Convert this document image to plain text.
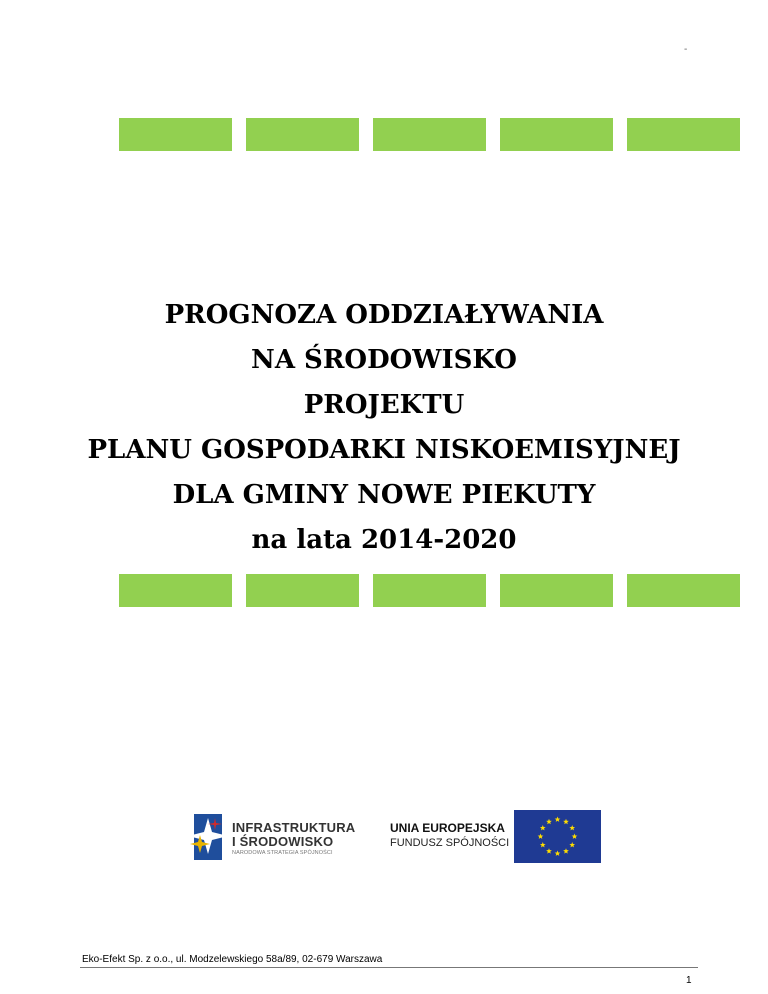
-
PROGNOZA ODDZIAŁYWANIA
NA ŚRODOWISKO
PROJEKTU
PLANU GOSPODARKI NISKOEMISYJNEJ
DLA GMINY NOWE PIEKUTY
na lata 2014-2020
INFRASTRUKTURA
I ŚRODOWISKO
NARODOWA STRATEGIA SPÓJNOŚCI
UNIA EUROPEJSKA
FUNDUSZ SPÓJNOŚCI
Eko-Efekt Sp. z o.o., ul. Modzelewskiego 58a/89, 02-679 Warszawa
1
